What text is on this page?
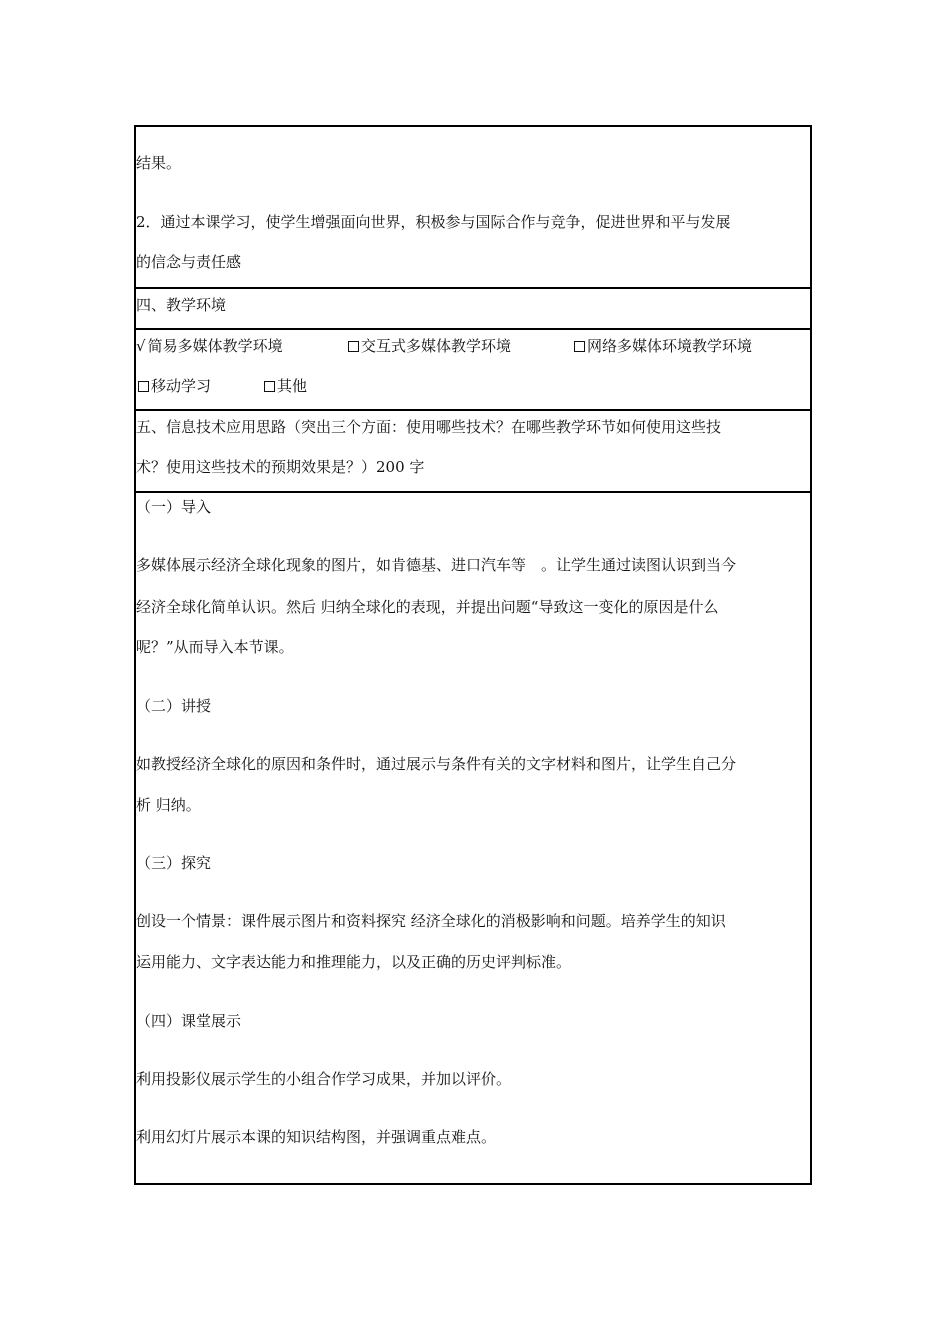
结果。
2．通过本课学习，使学生增强面向世界，积极参与国际合作与竞争，促进世界和平与发展
的信念与责任感
四、教学环境
√ 简易多媒体教学环境	交互式多媒体教学环境	网络多媒体环境教学环境
移动学习	其他
五、信息技术应用思路（突出三个方面：使用哪些技术？在哪些教学环节如何使用这些技
术？使用这些技术的预期效果是？）200 字
（一）导入
多媒体展示经济全球化现象的图片，如肯德基、进口汽车等　。让学生通过读图认识到当今
经济全球化简单认识。然后 归纳全球化的表现，并提出问题“导致这一变化的原因是什么
呢？”从而导入本节课。
（二）讲授
如教授经济全球化的原因和条件时，通过展示与条件有关的文字材料和图片，让学生自己分
析 归纳。
（三）探究
创设一个情景：课件展示图片和资料探究 经济全球化的消极影响和问题。培养学生的知识
运用能力、文字表达能力和推理能力，以及正确的历史评判标准。
（四）课堂展示
利用投影仪展示学生的小组合作学习成果，并加以评价。
利用幻灯片展示本课的知识结构图，并强调重点难点。
